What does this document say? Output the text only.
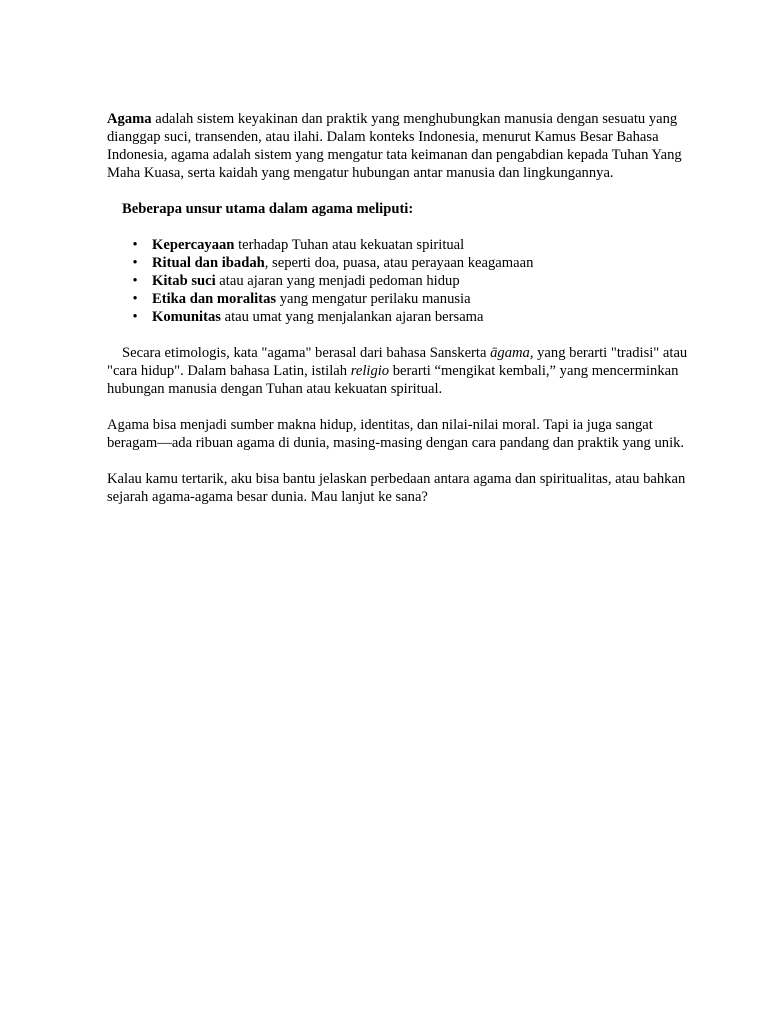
Agama adalah sistem keyakinan dan praktik yang menghubungkan manusia dengan sesuatu yang dianggap suci, transenden, atau ilahi. Dalam konteks Indonesia, menurut Kamus Besar Bahasa Indonesia, agama adalah sistem yang mengatur tata keimanan dan pengabdian kepada Tuhan Yang Maha Kuasa, serta kaidah yang mengatur hubungan antar manusia dan lingkungannya.

Beberapa unsur utama dalam agama meliputi:

• Kepercayaan terhadap Tuhan atau kekuatan spiritual
• Ritual dan ibadah, seperti doa, puasa, atau perayaan keagamaan
• Kitab suci atau ajaran yang menjadi pedoman hidup
• Etika dan moralitas yang mengatur perilaku manusia
• Komunitas atau umat yang menjalankan ajaran bersama

Secara etimologis, kata "agama" berasal dari bahasa Sanskerta āgama, yang berarti "tradisi" atau "cara hidup". Dalam bahasa Latin, istilah religio berarti “mengikat kembali,” yang mencerminkan hubungan manusia dengan Tuhan atau kekuatan spiritual.

Agama bisa menjadi sumber makna hidup, identitas, dan nilai-nilai moral. Tapi ia juga sangat beragam—ada ribuan agama di dunia, masing-masing dengan cara pandang dan praktik yang unik.

Kalau kamu tertarik, aku bisa bantu jelaskan perbedaan antara agama dan spiritualitas, atau bahkan sejarah agama-agama besar dunia. Mau lanjut ke sana?
